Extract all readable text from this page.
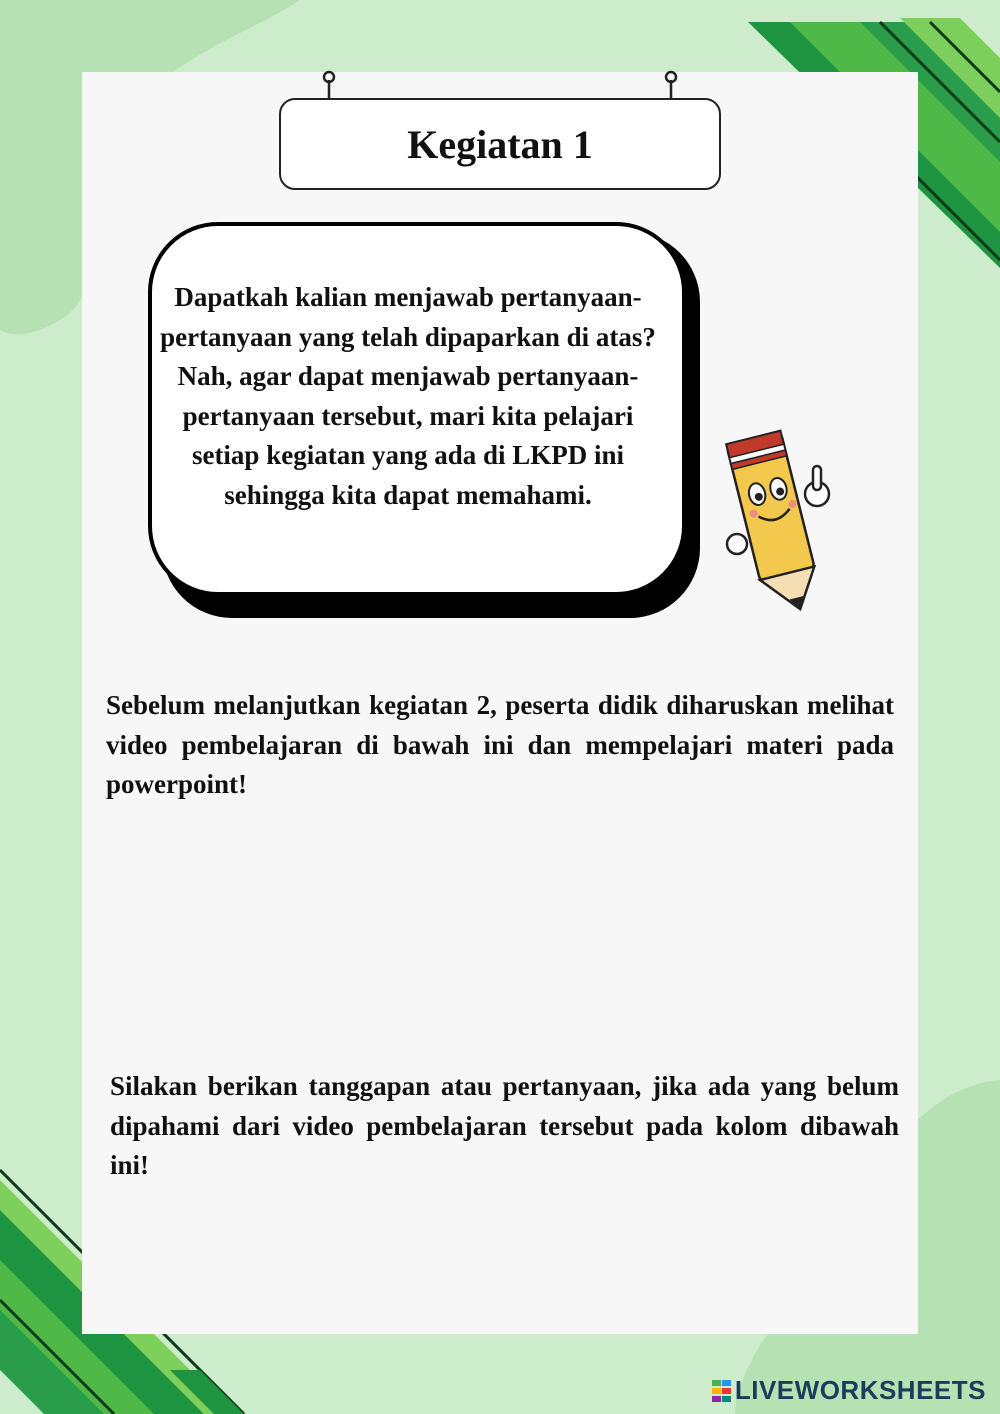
Kegiatan 1
Dapatkah kalian menjawab pertanyaan-pertanyaan yang telah dipaparkan di atas? Nah, agar dapat menjawab pertanyaan-pertanyaan tersebut, mari kita pelajari setiap kegiatan yang ada di LKPD ini sehingga kita dapat memahami.
Sebelum melanjutkan kegiatan 2, peserta didik diharuskan melihat video pembelajaran di bawah ini dan mempelajari materi pada powerpoint!
Silakan berikan tanggapan atau pertanyaan, jika ada yang belum dipahami dari video pembelajaran tersebut pada kolom dibawah ini!
LIVEWORKSHEETS
